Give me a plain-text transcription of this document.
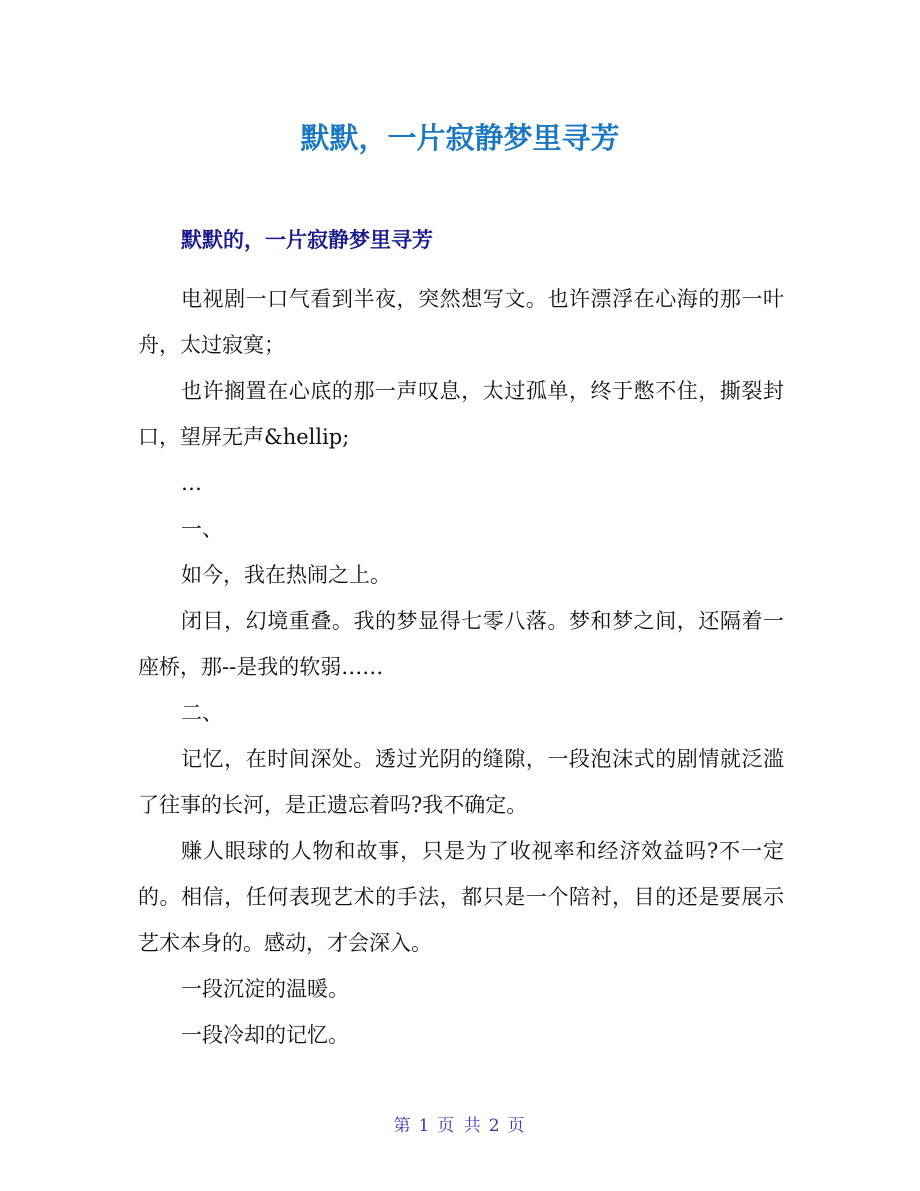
默默，一片寂静梦里寻芳
默默的，一片寂静梦里寻芳

电视剧一口气看到半夜，突然想写文。也许漂浮在心海的那一叶舟，太过寂寞；

也许搁置在心底的那一声叹息，太过孤单，终于憋不住，撕裂封口，望屏无声&hellip;

…

一、

如今，我在热闹之上。

闭目，幻境重叠。我的梦显得七零八落。梦和梦之间，还隔着一座桥，那--是我的软弱……

二、

记忆，在时间深处。透过光阴的缝隙，一段泡沫式的剧情就泛滥了往事的长河，是正遗忘着吗?我不确定。

赚人眼球的人物和故事，只是为了收视率和经济效益吗?不一定的。相信，任何表现艺术的手法，都只是一个陪衬，目的还是要展示艺术本身的。感动，才会深入。

一段沉淀的温暖。

一段冷却的记忆。

第 1 页 共 2 页
